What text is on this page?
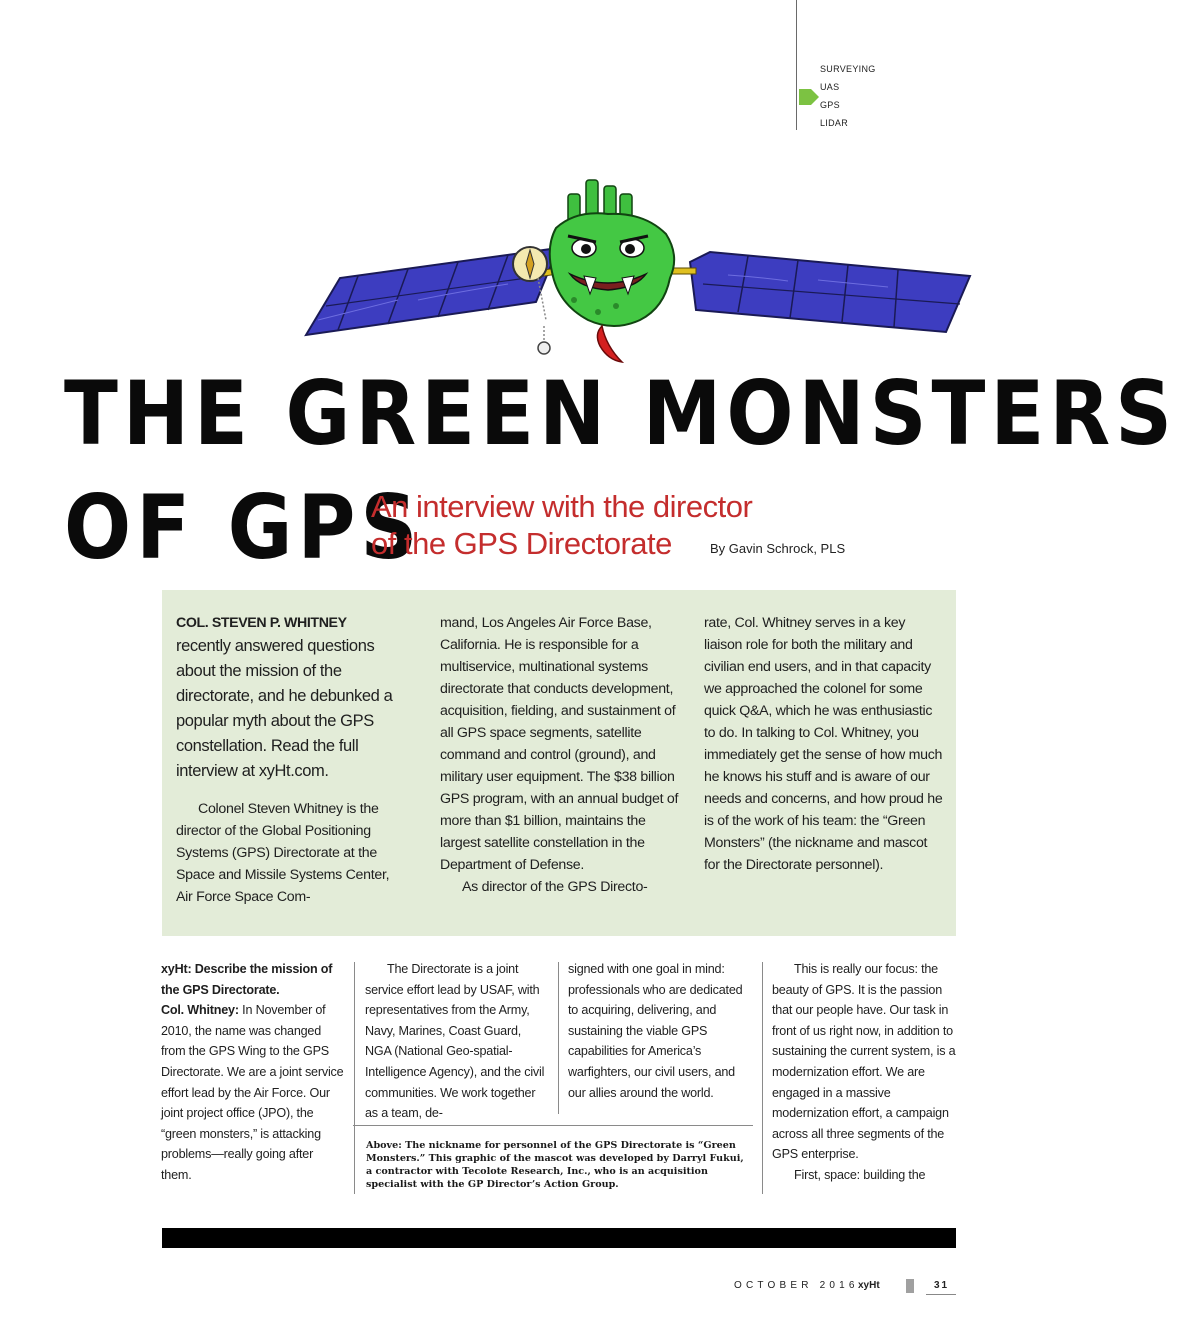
SURVEYING
UAS
GPS
LIDAR
THE GREEN MONSTERS
OF GPS
An interview with the director
of the GPS Directorate	By Gavin Schrock, PLS
COL. STEVEN P. WHITNEY
recently answered questions about the mission of the directorate, and he debunked a popular myth about the GPS constellation. Read the full interview at xyHt.com.
Colonel Steven Whitney is the director of the Global Positioning Systems (GPS) Directorate at the Space and Missile Systems Center, Air Force Space Com-
mand, Los Angeles Air Force Base, California. He is responsible for a multiservice, multinational systems directorate that conducts development, acquisition, fielding, and sustainment of all GPS space segments, satellite command and control (ground), and military user equipment. The $38 billion GPS program, with an annual budget of more than $1 billion, maintains the largest satellite constellation in the Department of Defense.
As director of the GPS Directo-
rate, Col. Whitney serves in a key liaison role for both the military and civilian end users, and in that capacity we approached the colonel for some quick Q&A, which he was enthusiastic to do. In talking to Col. Whitney, you immediately get the sense of how much he knows his stuff and is aware of our needs and concerns, and how proud he is of the work of his team: the “Green Monsters” (the nickname and mascot for the Directorate personnel).
xyHt: Describe the mission of the GPS Directorate.
Col. Whitney: In November of 2010, the name was changed from the GPS Wing to the GPS Directorate. We are a joint service effort lead by the Air Force. Our joint project office (JPO), the “green monsters,” is attacking problems—really going after them.
The Directorate is a joint service effort lead by USAF, with representatives from the Army, Navy, Marines, Coast Guard, NGA (National Geo-spatial-Intelligence Agency), and the civil communities. We work together as a team, de-
signed with one goal in mind: professionals who are dedicated to acquiring, delivering, and sustaining the viable GPS capabilities for America’s warfighters, our civil users, and our allies around the world.
This is really our focus: the beauty of GPS. It is the passion that our people have. Our task in front of us right now, in addition to sustaining the current system, is a modernization effort. We are engaged in a massive modernization effort, a campaign across all three segments of the GPS enterprise.
First, space: building the
Above: The nickname for personnel of the GPS Directorate is “Green Monsters.” This graphic of the mascot was developed by Darryl Fukui, a contractor with Tecolote Research, Inc., who is an acquisition specialist with the GP Director’s Action Group.
OCTOBER 2016 xyHt	31
